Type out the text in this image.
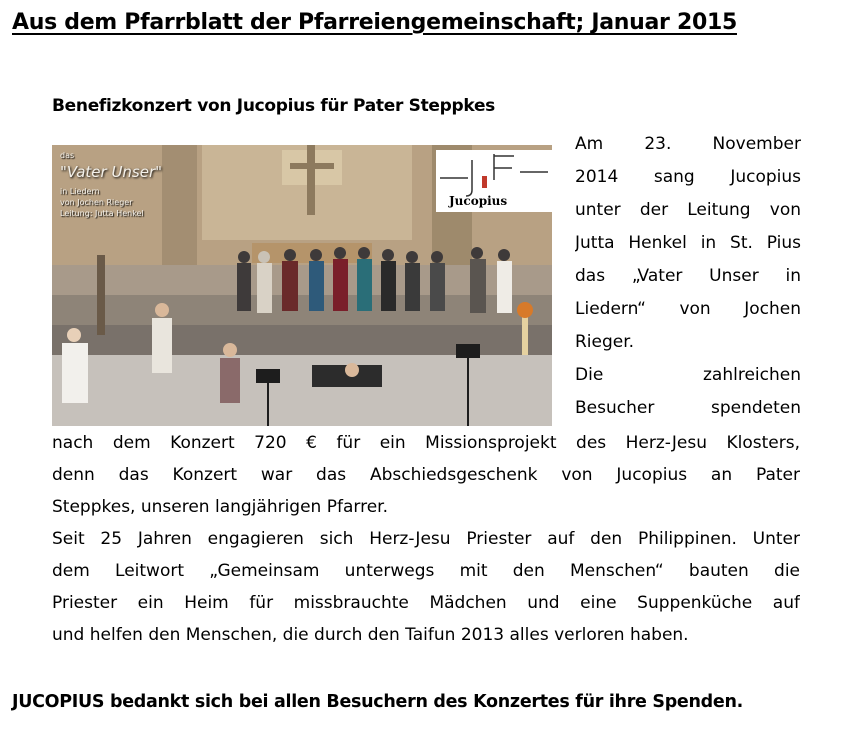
Aus dem Pfarrblatt der Pfarreiengemeinschaft; Januar 2015
Benefizkonzert von Jucopius für Pater Steppkes
das
"Vater Unser"
in Liedern
von Jochen Rieger
Leitung: Jutta Henkel
Jucopius
Am 23. November
2014 sang Jucopius
unter der Leitung von
Jutta Henkel in St. Pius
das „Vater Unser in
Liedern“ von Jochen
Rieger.
Die zahlreichen
Besucher spendeten
nach dem Konzert 720 € für ein Missionsprojekt des Herz-Jesu Klosters,
denn das Konzert war das Abschiedsgeschenk von Jucopius an Pater
Steppkes, unseren langjährigen Pfarrer.
Seit 25 Jahren engagieren sich Herz-Jesu Priester auf den Philippinen. Unter
dem Leitwort „Gemeinsam unterwegs mit den Menschen“ bauten die
Priester ein Heim für missbrauchte Mädchen und eine Suppenküche auf
und helfen den Menschen, die durch den Taifun 2013 alles verloren haben.
JUCOPIUS bedankt sich bei allen Besuchern des Konzertes für ihre Spenden.
